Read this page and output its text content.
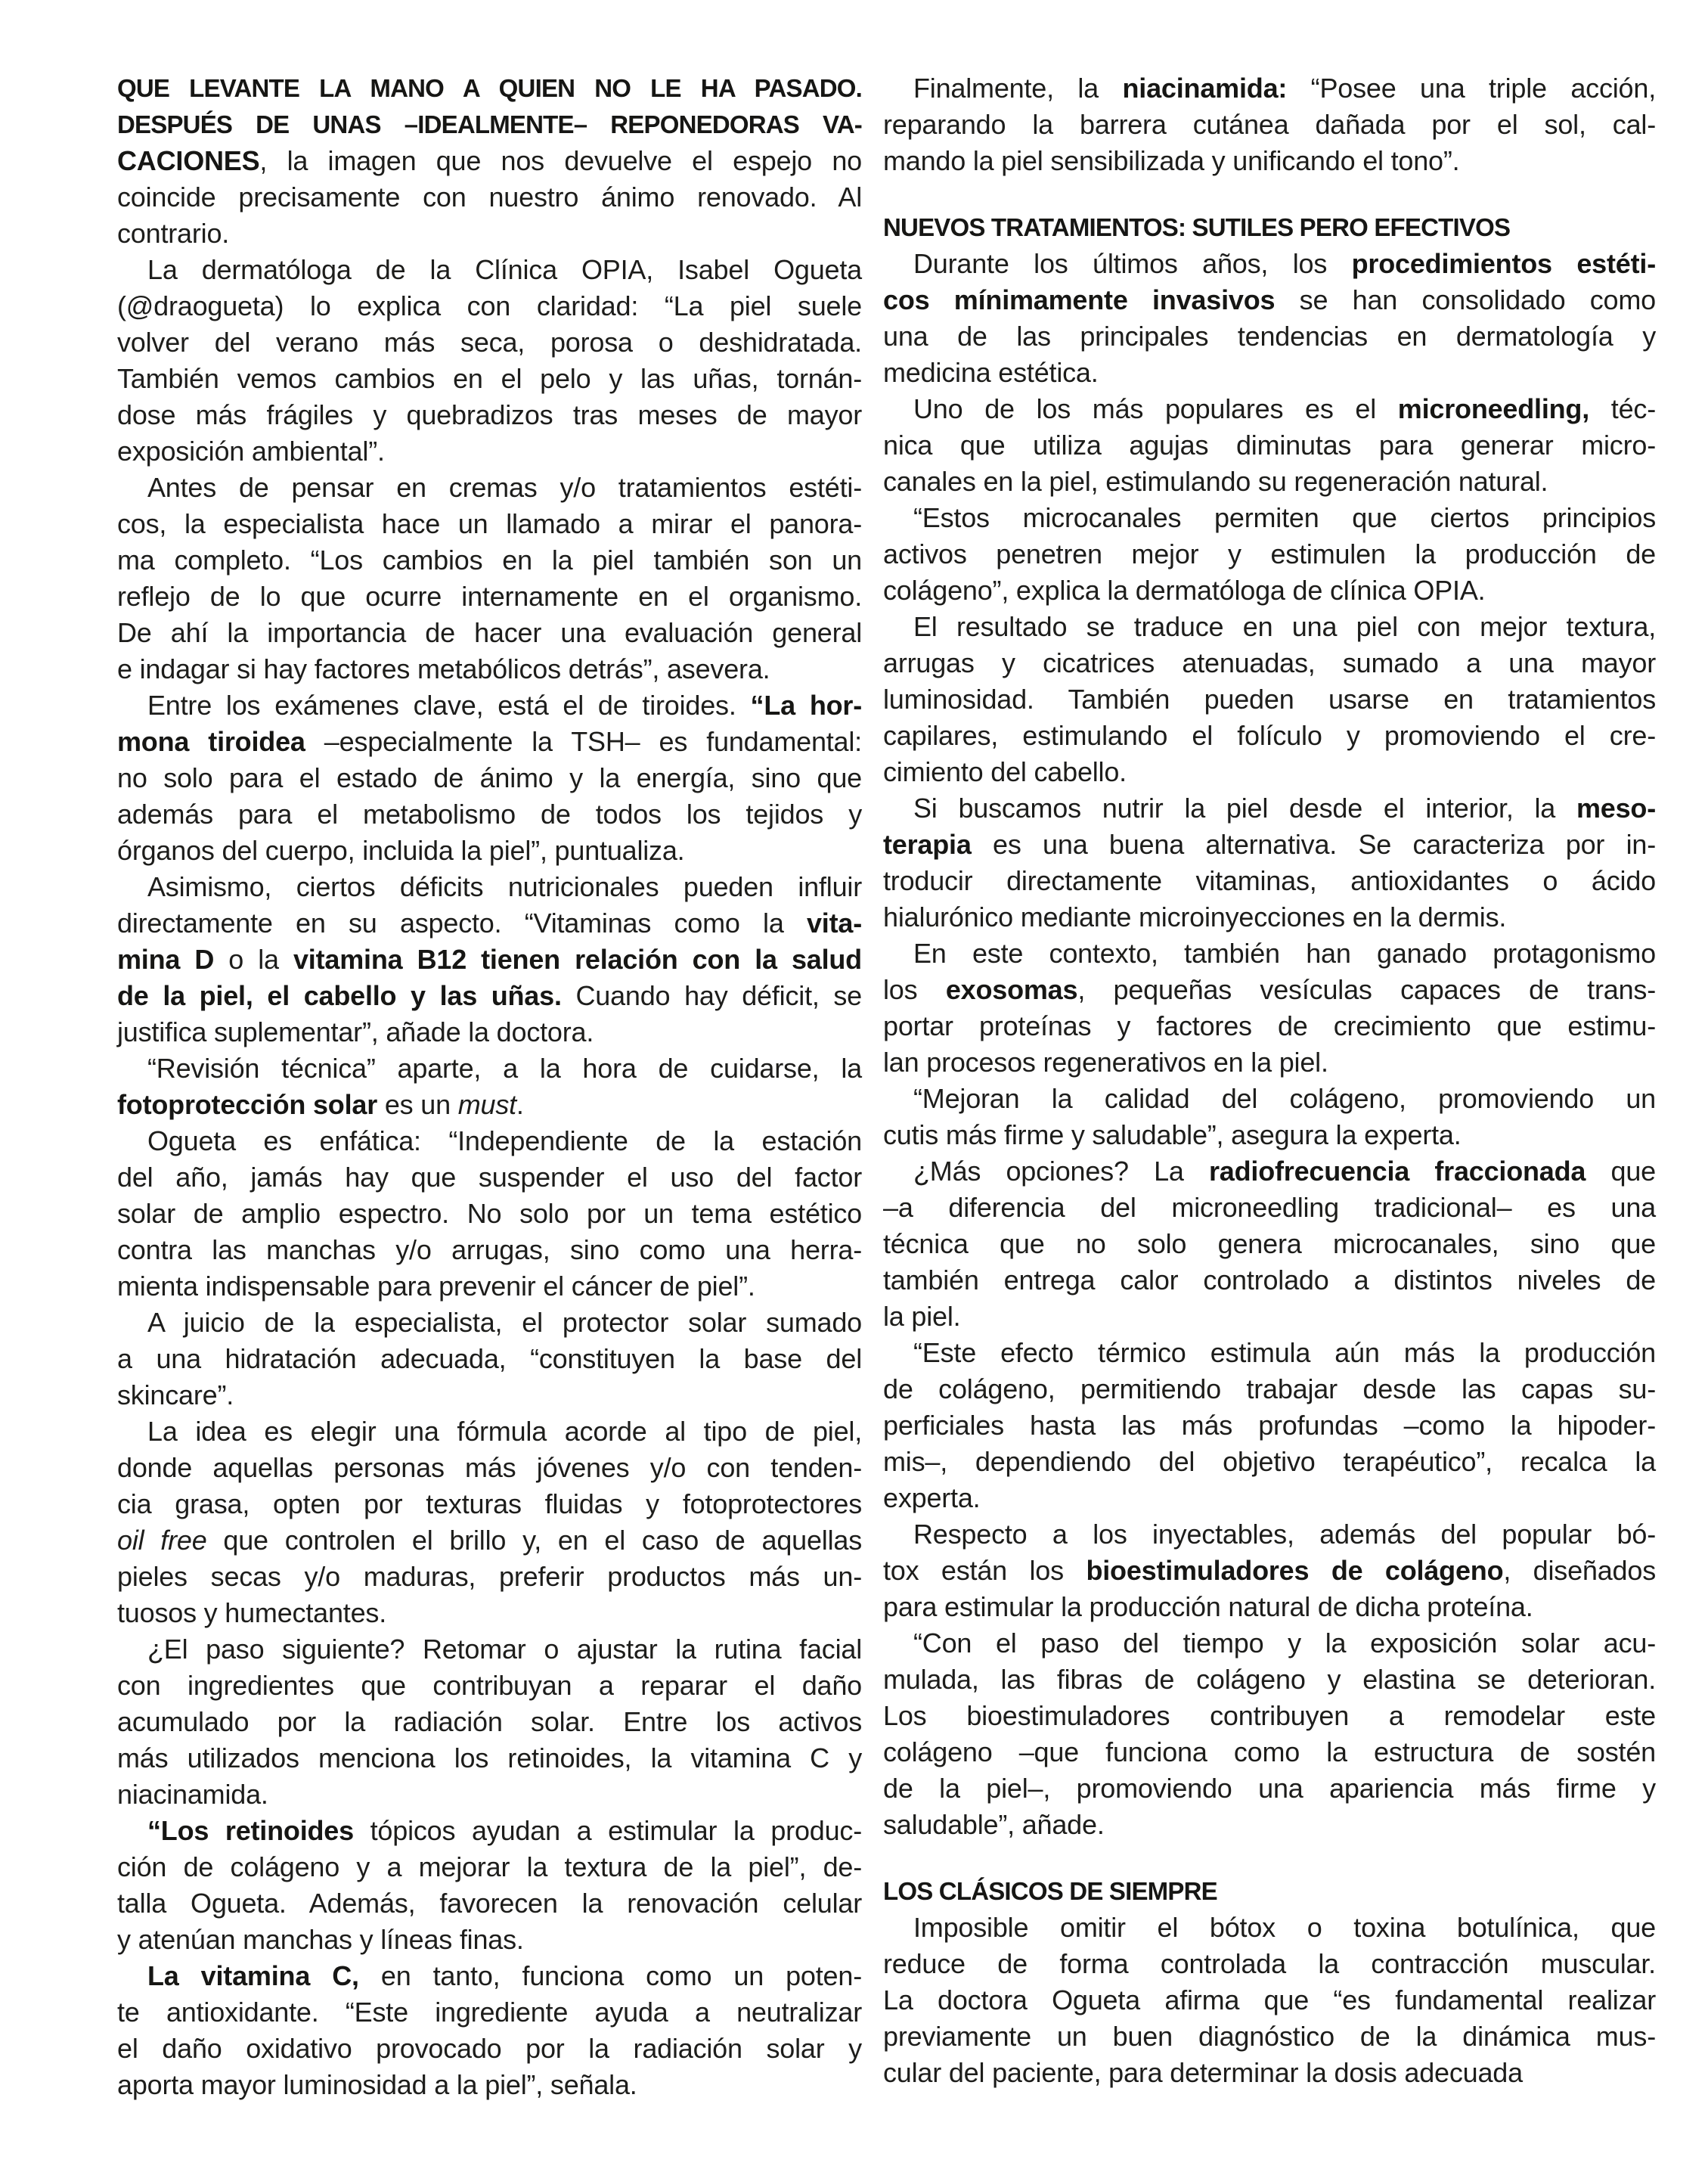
QUE LEVANTE LA MANO A QUIEN NO LE HA PASADO.
DESPUÉS DE UNAS –IDEALMENTE– REPONEDORAS VA-
CACIONES, la imagen que nos devuelve el espejo no
coincide precisamente con nuestro ánimo renovado. Al
contrario.
La dermatóloga de la Clínica OPIA, Isabel Ogueta
(@draogueta) lo explica con claridad: “La piel suele
volver del verano más seca, porosa o deshidratada.
También vemos cambios en el pelo y las uñas, tornán-
dose más frágiles y quebradizos tras meses de mayor
exposición ambiental”.
Antes de pensar en cremas y/o tratamientos estéti-
cos, la especialista hace un llamado a mirar el panora-
ma completo. “Los cambios en la piel también son un
reflejo de lo que ocurre internamente en el organismo.
De ahí la importancia de hacer una evaluación general
e indagar si hay factores metabólicos detrás”, asevera.
Entre los exámenes clave, está el de tiroides. “La hor-
mona tiroidea –especialmente la TSH– es fundamental:
no solo para el estado de ánimo y la energía, sino que
además para el metabolismo de todos los tejidos y
órganos del cuerpo, incluida la piel”, puntualiza.
Asimismo, ciertos déficits nutricionales pueden influir
directamente en su aspecto. “Vitaminas como la vita-
mina D o la vitamina B12 tienen relación con la salud
de la piel, el cabello y las uñas. Cuando hay déficit, se
justifica suplementar”, añade la doctora.
“Revisión técnica” aparte, a la hora de cuidarse, la
fotoprotección solar es un must.
Ogueta es enfática: “Independiente de la estación
del año, jamás hay que suspender el uso del factor
solar de amplio espectro. No solo por un tema estético
contra las manchas y/o arrugas, sino como una herra-
mienta indispensable para prevenir el cáncer de piel”.
A juicio de la especialista, el protector solar sumado
a una hidratación adecuada, “constituyen la base del
skincare”.
La idea es elegir una fórmula acorde al tipo de piel,
donde aquellas personas más jóvenes y/o con tenden-
cia grasa, opten por texturas fluidas y fotoprotectores
oil free que controlen el brillo y, en el caso de aquellas
pieles secas y/o maduras, preferir productos más un-
tuosos y humectantes.
¿El paso siguiente? Retomar o ajustar la rutina facial
con ingredientes que contribuyan a reparar el daño
acumulado por la radiación solar. Entre los activos
más utilizados menciona los retinoides, la vitamina C y
niacinamida.
“Los retinoides tópicos ayudan a estimular la produc-
ción de colágeno y a mejorar la textura de la piel”, de-
talla Ogueta. Además, favorecen la renovación celular
y atenúan manchas y líneas finas.
La vitamina C, en tanto, funciona como un poten-
te antioxidante. “Este ingrediente ayuda a neutralizar
el daño oxidativo provocado por la radiación solar y
aporta mayor luminosidad a la piel”, señala.
Finalmente, la niacinamida: “Posee una triple acción,
reparando la barrera cutánea dañada por el sol, cal-
mando la piel sensibilizada y unificando el tono”.
NUEVOS TRATAMIENTOS: SUTILES PERO EFECTIVOS
Durante los últimos años, los procedimientos estéti-
cos mínimamente invasivos se han consolidado como
una de las principales tendencias en dermatología y
medicina estética.
Uno de los más populares es el microneedling, téc-
nica que utiliza agujas diminutas para generar micro-
canales en la piel, estimulando su regeneración natural.
“Estos microcanales permiten que ciertos principios
activos penetren mejor y estimulen la producción de
colágeno”, explica la dermatóloga de clínica OPIA.
El resultado se traduce en una piel con mejor textura,
arrugas y cicatrices atenuadas, sumado a una mayor
luminosidad. También pueden usarse en tratamientos
capilares, estimulando el folículo y promoviendo el cre-
cimiento del cabello.
Si buscamos nutrir la piel desde el interior, la meso-
terapia es una buena alternativa. Se caracteriza por in-
troducir directamente vitaminas, antioxidantes o ácido
hialurónico mediante microinyecciones en la dermis.
En este contexto, también han ganado protagonismo
los exosomas, pequeñas vesículas capaces de trans-
portar proteínas y factores de crecimiento que estimu-
lan procesos regenerativos en la piel.
“Mejoran la calidad del colágeno, promoviendo un
cutis más firme y saludable”, asegura la experta.
¿Más opciones? La radiofrecuencia fraccionada que
–a diferencia del microneedling tradicional– es una
técnica que no solo genera microcanales, sino que
también entrega calor controlado a distintos niveles de
la piel.
“Este efecto térmico estimula aún más la producción
de colágeno, permitiendo trabajar desde las capas su-
perficiales hasta las más profundas –como la hipoder-
mis–, dependiendo del objetivo terapéutico”, recalca la
experta.
Respecto a los inyectables, además del popular bó-
tox están los bioestimuladores de colágeno, diseñados
para estimular la producción natural de dicha proteína.
“Con el paso del tiempo y la exposición solar acu-
mulada, las fibras de colágeno y elastina se deterioran.
Los bioestimuladores contribuyen a remodelar este
colágeno –que funciona como la estructura de sostén
de la piel–, promoviendo una apariencia más firme y
saludable”, añade.
LOS CLÁSICOS DE SIEMPRE
Imposible omitir el bótox o toxina botulínica, que
reduce de forma controlada la contracción muscular.
La doctora Ogueta afirma que “es fundamental realizar
previamente un buen diagnóstico de la dinámica mus-
cular del paciente, para determinar la dosis adecuada
